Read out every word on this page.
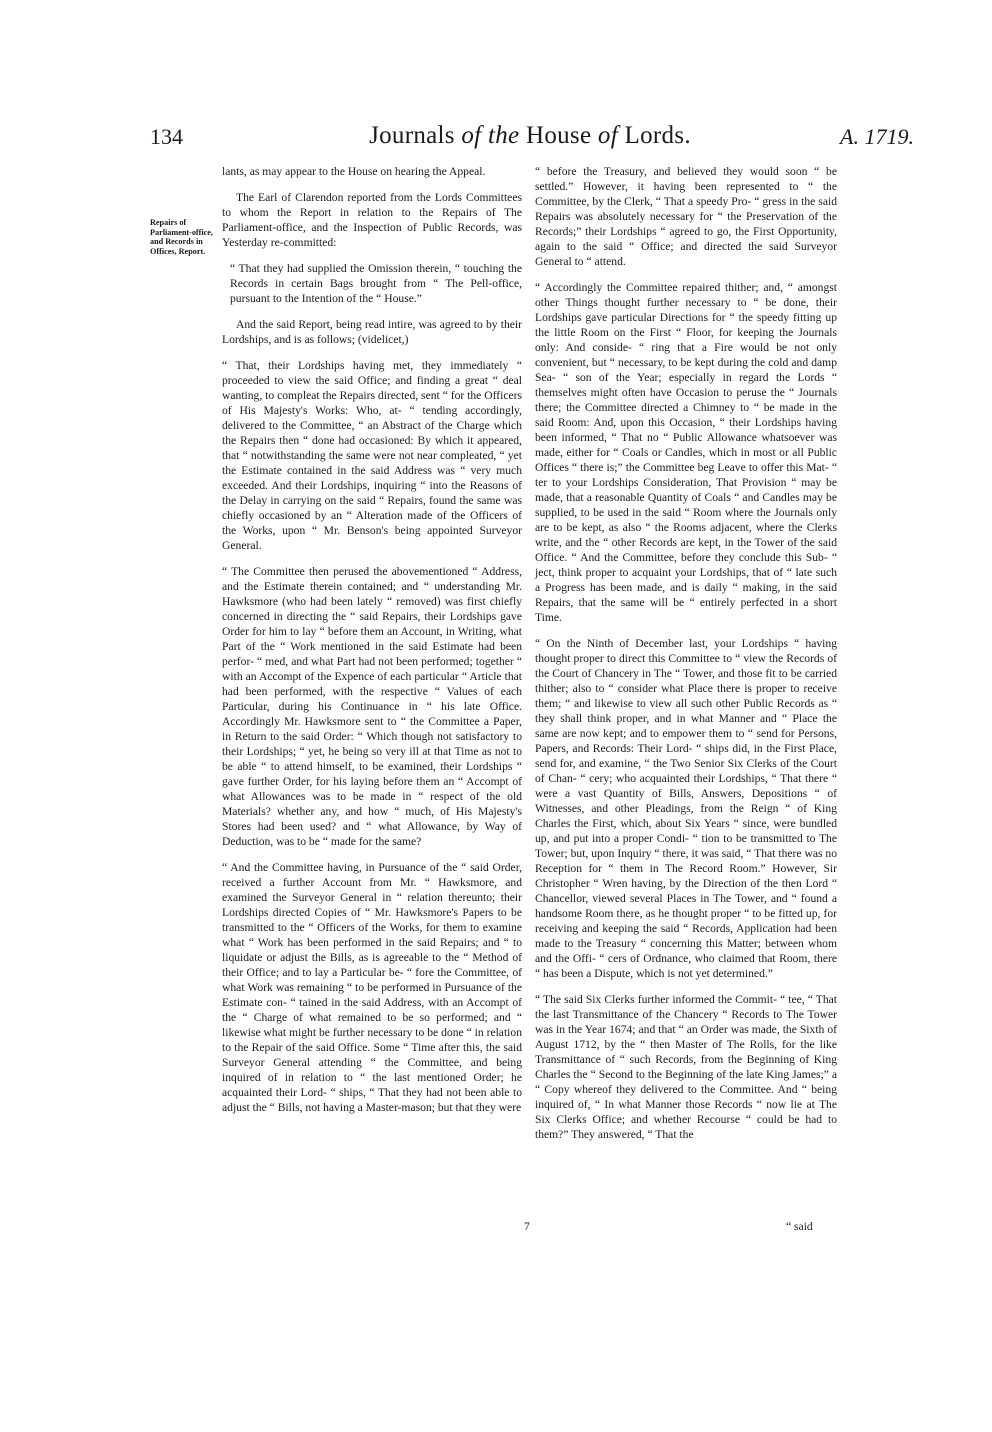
134	Journals of the House of Lords.	A. 1719.
Repairs of Parliament-office, and Records in Offices, Report.

lants, as may appear to the House on hearing the Appeal.

The Earl of Clarendon reported from the Lords Committees to whom the Report in relation to the Repairs of The Parliament-office, and the Inspection of Public Records, was Yesterday re-committed:

“ That they had supplied the Omission therein, “ touching the Records in certain Bags brought from “ The Pell-office, pursuant to the Intention of the “ House.”

And the said Report, being read intire, was agreed to by their Lordships, and is as follows; (videlicet,)

“ That, their Lordships having met, they immediately “ proceeded to view the said Office; and finding a great “ deal wanting, to compleat the Repairs directed, sent “ for the Officers of His Majesty's Works: Who, at- “ tending accordingly, delivered to the Committee, “ an Abstract of the Charge which the Repairs then “ done had occasioned: By which it appeared, that “ notwithstanding the same were not near compleated, “ yet the Estimate contained in the said Address was “ very much exceeded. And their Lordships, inquiring “ into the Reasons of the Delay in carrying on the said “ Repairs, found the same was chiefly occasioned by an “ Alteration made of the Officers of the Works, upon “ Mr. Benson's being appointed Surveyor General.

“ The Committee then perused the abovementioned “ Address, and the Estimate therein contained; and “ understanding Mr. Hawksmore (who had been lately “ removed) was first chiefly concerned in directing the “ said Repairs, their Lordships gave Order for him to lay “ before them an Account, in Writing, what Part of the “ Work mentioned in the said Estimate had been perfor- “ med, and what Part had not been performed; together “ with an Accompt of the Expence of each particular “ Article that had been performed, with the respective “ Values of each Particular, during his Continuance in “ his late Office. Accordingly Mr. Hawksmore sent to “ the Committee a Paper, in Return to the said Order: “ Which though not satisfactory to their Lordships; “ yet, he being so very ill at that Time as not to be able “ to attend himself, to be examined, their Lordships “ gave further Order, for his laying before them an “ Accompt of what Allowances was to be made in “ respect of the old Materials? whether any, and how “ much, of His Majesty's Stores had been used? and “ what Allowance, by Way of Deduction, was to be “ made for the same?

“ And the Committee having, in Pursuance of the “ said Order, received a further Account from Mr. “ Hawksmore, and examined the Surveyor General in “ relation thereunto; their Lordships directed Copies of “ Mr. Hawksmore's Papers to be transmitted to the “ Officers of the Works, for them to examine what “ Work has been performed in the said Repairs; and “ to liquidate or adjust the Bills, as is agreeable to the “ Method of their Office; and to lay a Particular be- “ fore the Committee, of what Work was remaining “ to be performed in Pursuance of the Estimate con- “ tained in the said Address, with an Accompt of the “ Charge of what remained to be so performed; and “ likewise what might be further necessary to be done “ in relation to the Repair of the said Office. Some “ Time after this, the said Surveyor General attending “ the Committee, and being inquired of in relation to “ the last mentioned Order; he acquainted their Lord- “ ships, “ That they had not been able to adjust the “ Bills, not having a Master-mason; but that they were

“ before the Treasury, and believed they would soon “ be settled.” However, it having been represented to “ the Committee, by the Clerk, “ That a speedy Pro- “ gress in the said Repairs was absolutely necessary for “ the Preservation of the Records;” their Lordships “ agreed to go, the First Opportunity, again to the said “ Office; and directed the said Surveyor General to “ attend.

“ Accordingly the Committee repaired thither; and, “ amongst other Things thought further necessary to “ be done, their Lordships gave particular Directions for “ the speedy fitting up the little Room on the First “ Floor, for keeping the Journals only: And conside- “ ring that a Fire would be not only convenient, but “ necessary, to be kept during the cold and damp Sea- “ son of the Year; especially in regard the Lords “ themselves might often have Occasion to peruse the “ Journals there; the Committee directed a Chimney to “ be made in the said Room: And, upon this Occasion, “ their Lordships having been informed, “ That no “ Public Allowance whatsoever was made, either for “ Coals or Candles, which in most or all Public Offices “ there is;” the Committee beg Leave to offer this Mat- “ ter to your Lordships Consideration, That Provision “ may be made, that a reasonable Quantity of Coals “ and Candles may be supplied, to be used in the said “ Room where the Journals only are to be kept, as also “ the Rooms adjacent, where the Clerks write, and the “ other Records are kept, in the Tower of the said Office. “ And the Committee, before they conclude this Sub- “ ject, think proper to acquaint your Lordships, that of “ late such a Progress has been made, and is daily “ making, in the said Repairs, that the same will be “ entirely perfected in a short Time.

“ On the Ninth of December last, your Lordships “ having thought proper to direct this Committee to “ view the Records of the Court of Chancery in The “ Tower, and those fit to be carried thither; also to “ consider what Place there is proper to receive them; “ and likewise to view all such other Public Records as “ they shall think proper, and in what Manner and “ Place the same are now kept; and to empower them to “ send for Persons, Papers, and Records: Their Lord- “ ships did, in the First Place, send for, and examine, “ the Two Senior Six Clerks of the Court of Chan- “ cery; who acquainted their Lordships, “ That there “ were a vast Quantity of Bills, Answers, Depositions “ of Witnesses, and other Pleadings, from the Reign “ of King Charles the First, which, about Six Years “ since, were bundled up, and put into a proper Condi- “ tion to be transmitted to The Tower; but, upon Inquiry “ there, it was said, “ That there was no Reception for “ them in The Record Room.” However, Sir Christopher “ Wren having, by the Direction of the then Lord “ Chancellor, viewed several Places in The Tower, and “ found a handsome Room there, as he thought proper “ to be fitted up, for receiving and keeping the said “ Records, Application had been made to the Treasury “ concerning this Matter; between whom and the Offi- “ cers of Ordnance, who claimed that Room, there “ has been a Dispute, which is not yet determined.”

“ The said Six Clerks further informed the Commit- “ tee, “ That the last Transmittance of the Chancery “ Records to The Tower was in the Year 1674; and that “ an Order was made, the Sixth of August 1712, by the “ then Master of The Rolls, for the like Transmittance of “ such Records, from the Beginning of King Charles the “ Second to the Beginning of the late King James;” a “ Copy whereof they delivered to the Committee. And “ being inquired of, “ In what Manner those Records “ now lie at The Six Clerks Office; and whether Recourse “ could be had to them?” They answered, “ That the

7	“ said
